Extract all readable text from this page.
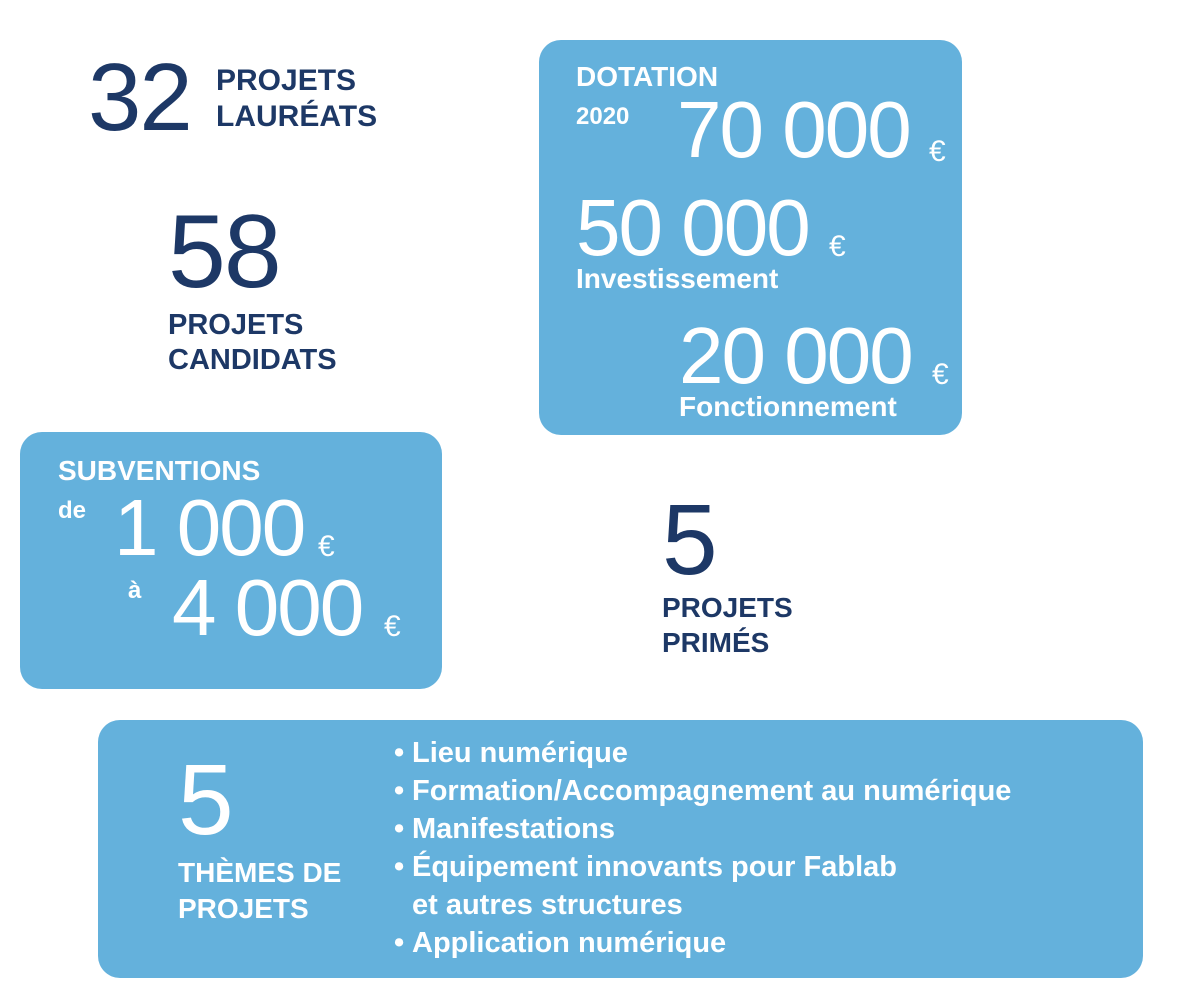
32 PROJETS
LAURÉATS
58
PROJETS
CANDIDATS
DOTATION
2020 70 000 €
50 000 €
Investissement
20 000 €
Fonctionnement
SUBVENTIONS
de 1 000 €
à 4 000 €
5
PROJETS
PRIMÉS
5
THÈMES DE
PROJETS
• Lieu numérique
• Formation/Accompagnement au numérique
• Manifestations
• Équipement innovants pour Fablab
et autres structures
• Application numérique
